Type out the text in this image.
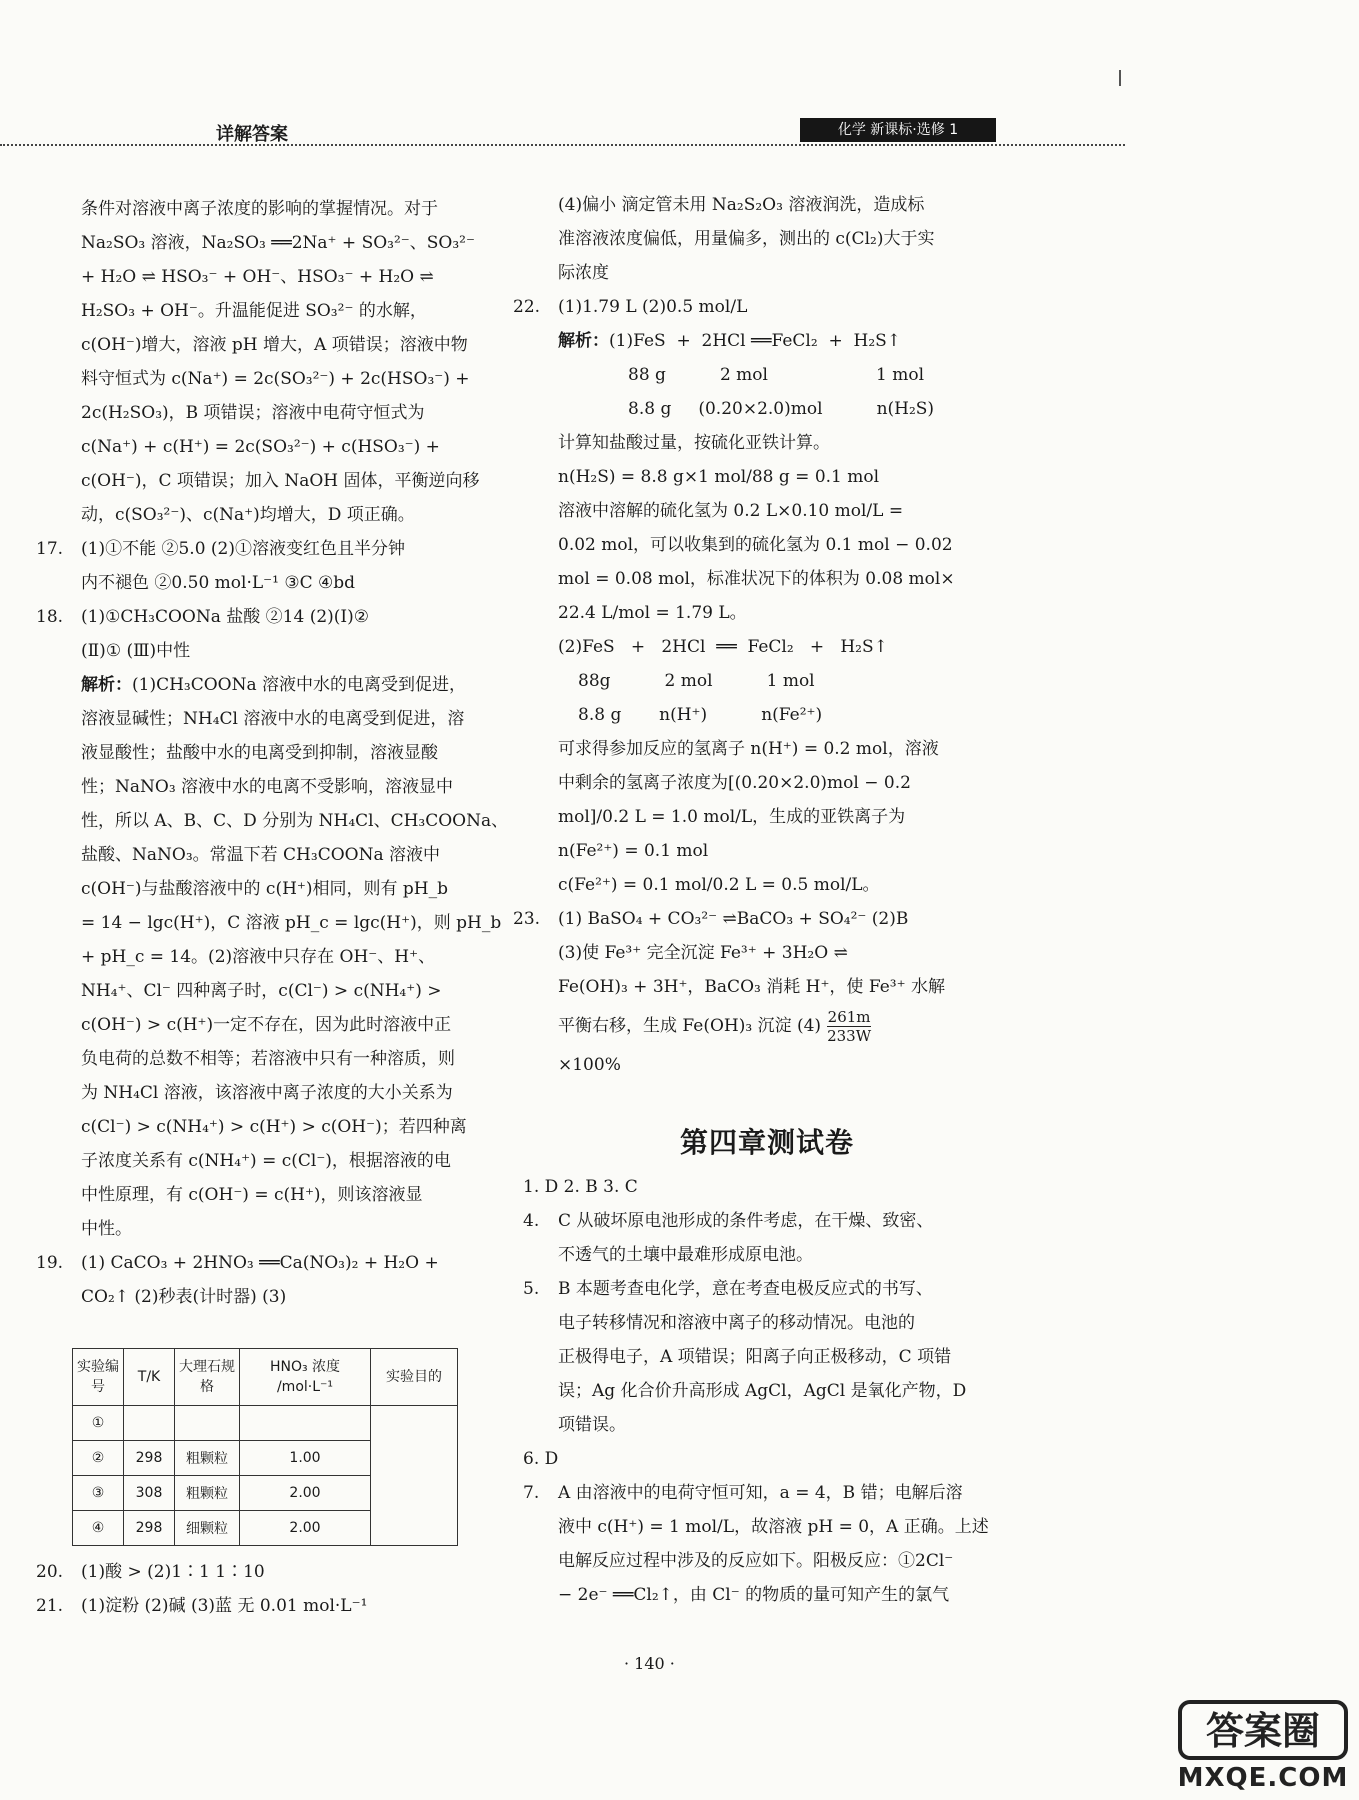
详解答案	化学 新课标·选修 1

条件对溶液中离子浓度的影响的掌握情况。对于

Na₂SO₃ 溶液，Na₂SO₃ ══2Na⁺ + SO₃²⁻、SO₃²⁻

+ H₂O ⇌ HSO₃⁻ + OH⁻、HSO₃⁻ + H₂O ⇌

H₂SO₃ + OH⁻。升温能促进 SO₃²⁻ 的水解，

c(OH⁻)增大，溶液 pH 增大，A 项错误；溶液中物

料守恒式为 c(Na⁺) = 2c(SO₃²⁻) + 2c(HSO₃⁻) +

2c(H₂SO₃)，B 项错误；溶液中电荷守恒式为

c(Na⁺) + c(H⁺) = 2c(SO₃²⁻) + c(HSO₃⁻) +

c(OH⁻)，C 项错误；加入 NaOH 固体，平衡逆向移

动，c(SO₃²⁻)、c(Na⁺)均增大，D 项正确。

17. (1)①不能 ②5.0 (2)①溶液变红色且半分钟

内不褪色 ②0.50 mol·L⁻¹ ③C ④bd

18. (1)①CH₃COONa 盐酸 ②14 (2)(Ⅰ)②

(Ⅱ)① (Ⅲ)中性

解析：(1)CH₃COONa 溶液中水的电离受到促进，

溶液显碱性；NH₄Cl 溶液中水的电离受到促进，溶

液显酸性；盐酸中水的电离受到抑制，溶液显酸

性；NaNO₃ 溶液中水的电离不受影响，溶液显中

性，所以 A、B、C、D 分别为 NH₄Cl、CH₃COONa、

盐酸、NaNO₃。常温下若 CH₃COONa 溶液中

c(OH⁻)与盐酸溶液中的 c(H⁺)相同，则有 pH_b

= 14 − lgc(H⁺)，C 溶液 pH_c = lgc(H⁺)，则 pH_b

+ pH_c = 14。(2)溶液中只存在 OH⁻、H⁺、

NH₄⁺、Cl⁻ 四种离子时，c(Cl⁻) > c(NH₄⁺) >

c(OH⁻) > c(H⁺)一定不存在，因为此时溶液中正

负电荷的总数不相等；若溶液中只有一种溶质，则

为 NH₄Cl 溶液，该溶液中离子浓度的大小关系为

c(Cl⁻) > c(NH₄⁺) > c(H⁺) > c(OH⁻)；若四种离

子浓度关系有 c(NH₄⁺) = c(Cl⁻)，根据溶液的电

中性原理，有 c(OH⁻) = c(H⁺)，则该溶液显

中性。

19. (1) CaCO₃ + 2HNO₃ ══Ca(NO₃)₂ + H₂O +

CO₂↑ (2)秒表(计时器) (3)

实验编号	T/K	大理石规格	HNO₃ 浓度 /mol·L⁻¹	实验目的
①				
②	298	粗颗粒	1.00	
③	308	粗颗粒	2.00	
④	298	细颗粒	2.00	

20. (1)酸 > (2)1∶1 1∶10

21. (1)淀粉 (2)碱 (3)蓝 无 0.01 mol·L⁻¹

(4)偏小 滴定管未用 Na₂S₂O₃ 溶液润洗，造成标

准溶液浓度偏低，用量偏多，测出的 c(Cl₂)大于实

际浓度

22. (1)1.79 L (2)0.5 mol/L

解析：(1)FeS  +  2HCl ══FeCl₂  +  H₂S↑

88 g          2 mol                    1 mol

8.8 g     (0.20×2.0)mol          n(H₂S)

计算知盐酸过量，按硫化亚铁计算。

n(H₂S) = 8.8 g×1 mol/88 g = 0.1 mol

溶液中溶解的硫化氢为 0.2 L×0.10 mol/L =

0.02 mol，可以收集到的硫化氢为 0.1 mol − 0.02

mol = 0.08 mol，标准状况下的体积为 0.08 mol×

22.4 L/mol = 1.79 L。

(2)FeS   +   2HCl  ══  FeCl₂   +   H₂S↑

88g          2 mol          1 mol

8.8 g       n(H⁺)          n(Fe²⁺)

可求得参加反应的氢离子 n(H⁺) = 0.2 mol，溶液

中剩余的氢离子浓度为[(0.20×2.0)mol − 0.2

mol]/0.2 L = 1.0 mol/L，生成的亚铁离子为

n(Fe²⁺) = 0.1 mol

c(Fe²⁺) = 0.1 mol/0.2 L = 0.5 mol/L。

23. (1) BaSO₄ + CO₃²⁻ ⇌BaCO₃ + SO₄²⁻ (2)B

(3)使 Fe³⁺ 完全沉淀 Fe³⁺ + 3H₂O ⇌

Fe(OH)₃ + 3H⁺，BaCO₃ 消耗 H⁺，使 Fe³⁺ 水解

平衡右移，生成 Fe(OH)₃ 沉淀 $(4) \frac{261m}{233W}$

×100%

第四章测试卷

1. D 2. B 3. C

4. C 从破坏原电池形成的条件考虑，在干燥、致密、

不透气的土壤中最难形成原电池。

5. B 本题考查电化学，意在考查电极反应式的书写、

电子转移情况和溶液中离子的移动情况。电池的

正极得电子，A 项错误；阳离子向正极移动，C 项错

误；Ag 化合价升高形成 AgCl，AgCl 是氧化产物，D

项错误。

6. D

7. A 由溶液中的电荷守恒可知，a = 4，B 错；电解后溶

液中 c(H⁺) = 1 mol/L，故溶液 pH = 0，A 正确。上述

电解反应过程中涉及的反应如下。阳极反应：①2Cl⁻

− 2e⁻ ══Cl₂↑，由 Cl⁻ 的物质的量可知产生的氯气

· 140 ·
答案圈
MXQE.COM
